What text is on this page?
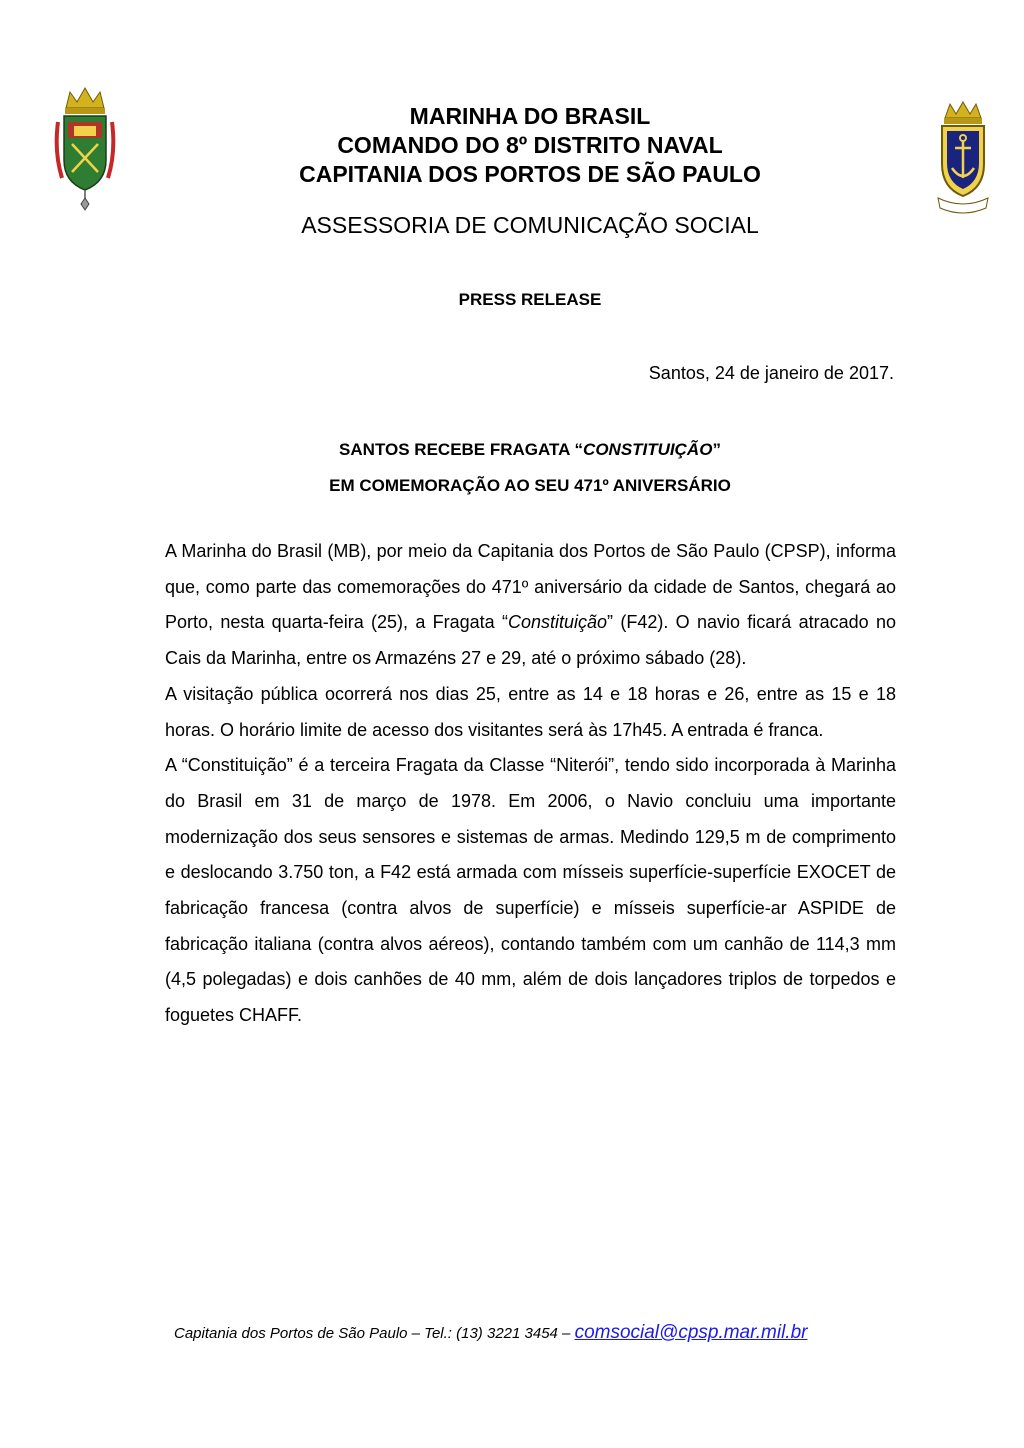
MARINHA DO BRASIL
COMANDO DO 8º DISTRITO NAVAL
CAPITANIA DOS PORTOS DE SÃO PAULO
ASSESSORIA DE COMUNICAÇÃO SOCIAL
PRESS RELEASE
Santos, 24 de janeiro de 2017.
SANTOS RECEBE FRAGATA “CONSTITUIÇÃO”
EM COMEMORAÇÃO AO SEU 471º ANIVERSÁRIO

A Marinha do Brasil (MB), por meio da Capitania dos Portos de São Paulo (CPSP), informa que, como parte das comemorações do 471º aniversário da cidade de Santos, chegará ao Porto, nesta quarta-feira (25), a Fragata “Constituição” (F42). O navio ficará atracado no Cais da Marinha, entre os Armazéns 27 e 29, até o próximo sábado (28).

A visitação pública ocorrerá nos dias 25, entre as 14 e 18 horas e 26, entre as 15 e 18 horas. O horário limite de acesso dos visitantes será às 17h45. A entrada é franca.

A “Constituição” é a terceira Fragata da Classe “Niterói”, tendo sido incorporada à Marinha do Brasil em 31 de março de 1978. Em 2006, o Navio concluiu uma importante modernização dos seus sensores e sistemas de armas. Medindo 129,5 m de comprimento e deslocando 3.750 ton, a F42 está armada com mísseis superfície-superfície EXOCET de fabricação francesa (contra alvos de superfície) e mísseis superfície-ar ASPIDE de fabricação italiana (contra alvos aéreos), contando também com um canhão de 114,3 mm (4,5 polegadas) e dois canhões de 40 mm, além de dois lançadores triplos de torpedos e foguetes CHAFF.

Capitania dos Portos de São Paulo – Tel.: (13) 3221 3454 – comsocial@cpsp.mar.mil.br
